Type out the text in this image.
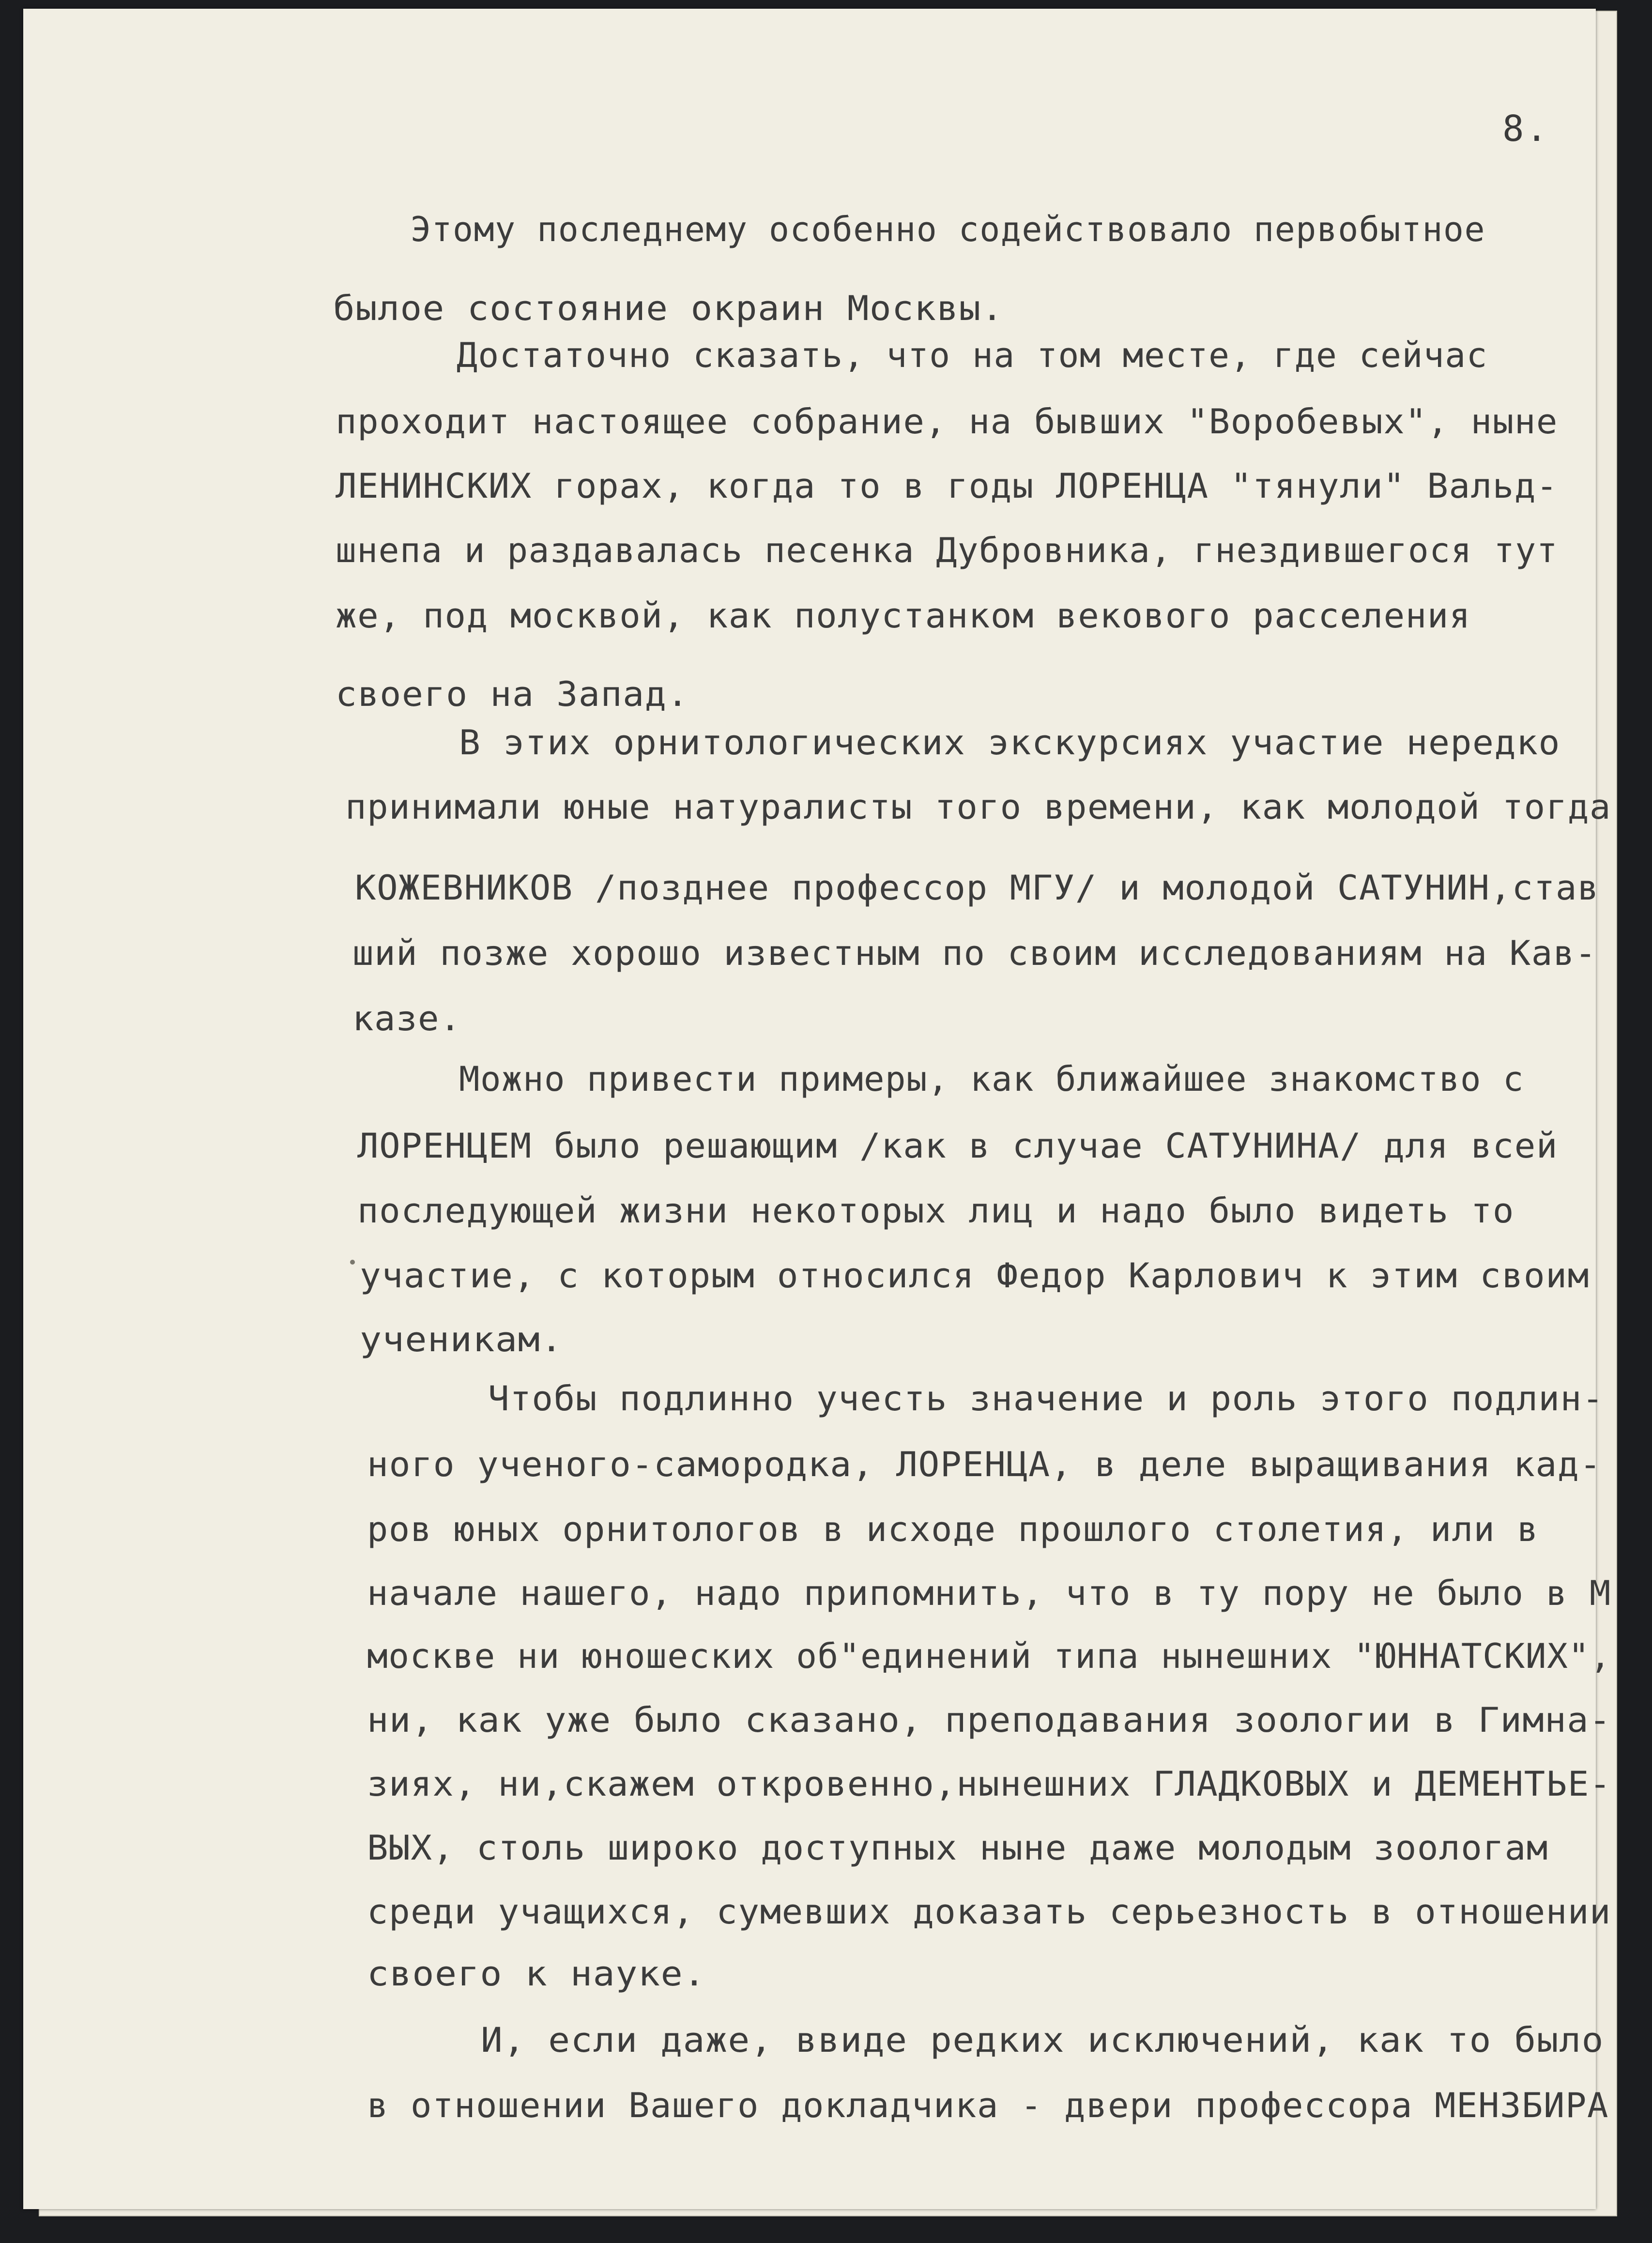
8.
Этому последнему особенно содействовало первобытное
былое состояние окраин Москвы.
Достаточно сказать, что на том месте, где сейчас
проходит настоящее собрание, на бывших "Воробевых", ныне
ЛЕНИНСКИХ горах, когда то в годы ЛОРЕНЦА "тянули" Вальд-
шнепа и раздавалась песенка Дубровника, гнездившегося тут
же, под москвой, как полустанком векового расселения
своего на Запад.
В этих орнитологических экскурсиях участие нередко
принимали юные натуралисты того времени, как молодой тогда
КОЖЕВНИКОВ /позднее профессор МГУ/ и молодой САТУНИН,став
ший позже хорошо известным по своим исследованиям на Кав-
казе.
Можно привести примеры, как ближайшее знакомство с
ЛОРЕНЦЕМ было решающим /как в случае САТУНИНА/ для всей
последующей жизни некоторых лиц и надо было видеть то
участие, с которым относился Федор Карлович к этим своим
ученикам.
Чтобы подлинно учесть значение и роль этого подлин-
ного ученого-самородка, ЛОРЕНЦА, в деле выращивания кад-
ров юных орнитологов в исходе прошлого столетия, или в
начале нашего, надо припомнить, что в ту пору не было в М
москве ни юношеских об"единений типа нынешних "ЮННАТСКИХ",
ни, как уже было сказано, преподавания зоологии в Гимна-
зиях, ни,скажем откровенно,нынешних ГЛАДКОВЫХ и ДЕМЕНТЬЕ-
ВЫХ, столь широко доступных ныне даже молодым зоологам
среди учащихся, сумевших доказать серьезность в отношении
своего к науке.
И, если даже, ввиде редких исключений, как то было
в отношении Вашего докладчика - двери профессора МЕНЗБИРА
